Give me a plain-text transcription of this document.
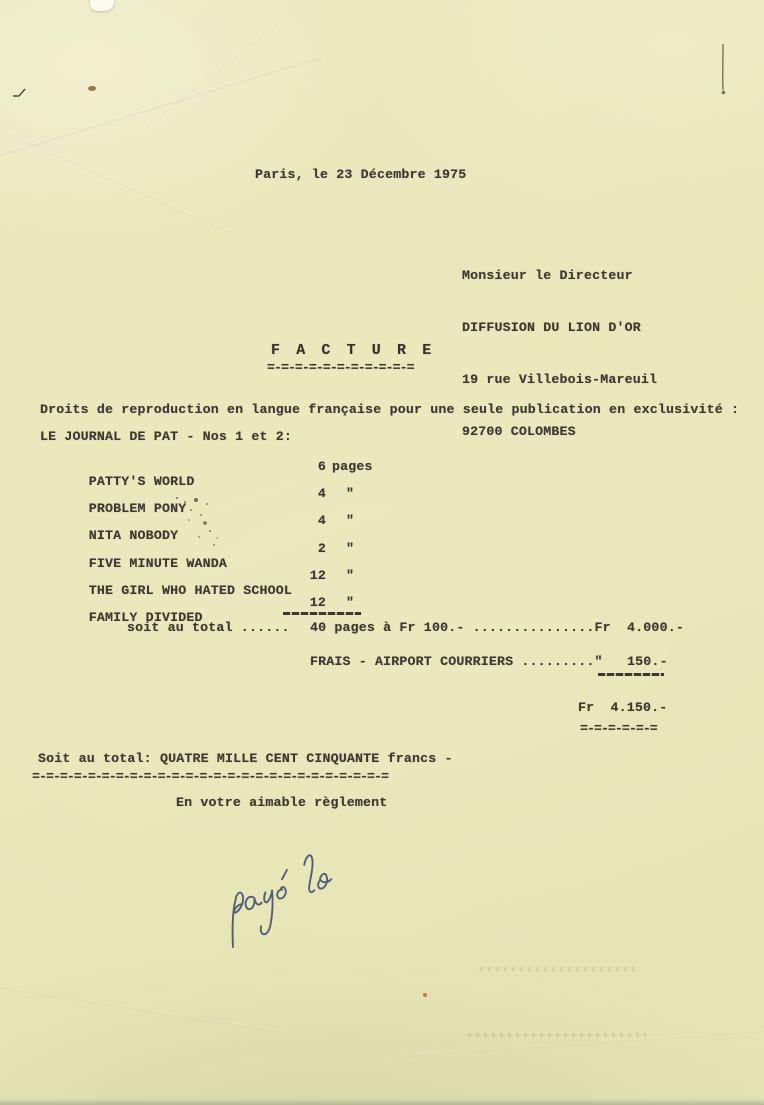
Paris, le 23 Décembre 1975

Monsieur le Directeur

DIFFUSION DU LION D'OR

19 rue Villebois-Mareuil

92700 COLOMBES

F A C T U R E
=-=-=-=-=-=-=-=-=-=-=
Droits de reproduction en langue française pour une seule publication en exclusivité :
LE JOURNAL DE PAT - Nos 1 et 2:

PATTY'S WORLD

6

pages

PROBLEM PONY

4

"

NITA NOBODY

4

"

FIVE MINUTE WANDA

2

"

THE GIRL WHO HATED SCHOOL

12

"

FAMILY DIVIDED

12

"

soit au total ...... 40 pages à Fr 100.- ...............Fr  4.000.-
FRAIS - AIRPORT COURRIERS ........."   150.-
Fr  4.150.-
=-=-=-=-=-=
Soit au total: QUATRE MILLE CENT CINQUANTE francs -
=-=-=-=-=-=-=-=-=-=-=-=-=-=-=-=-=-=-=-=-=-=-=-=-=-=
En votre aimable règlement
